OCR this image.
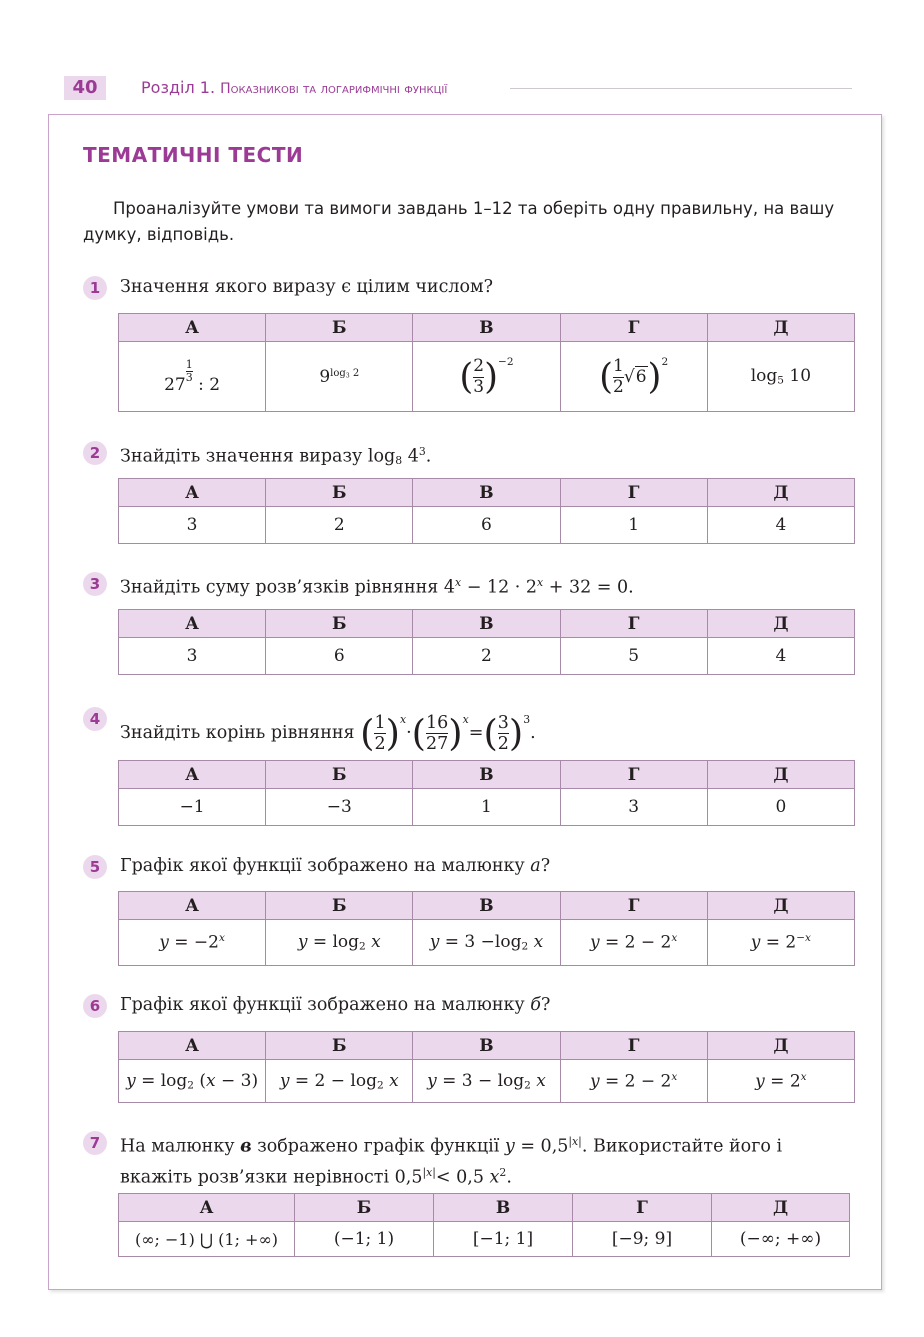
40	Розділ 1. Показникові та логарифмічні функції
ТЕМАТИЧНІ ТЕСТИ

Проаналізуйте умови та вимоги завдань 1–12 та оберіть одну правильну, на вашу думку, відповідь.

1	Значення якого виразу є цілим числом?
А	Б	В	Г	Д
27 $^{\frac{1}{3}}$ : 2	$9^{log_3 2}$	( $\frac{2}{3} )^{-2}$	( $\frac{1}{2} √6)^2$	$\log_5 10$
2	Знайдіть значення виразу $\log_8 4^3$.
А	Б	В	Г	Д
3	2	6	1	4
3	Знайдіть суму розв’язків рівняння $4^x - 12 \cdot 2^x + 32 = 0$.
А	Б	В	Г	Д
3	6	2	5	4
4
Знайдіть корінь рівняння ( $\frac{1}{2} )^x\cdot( \frac{16}{27} )^x=( \frac{3}{2} )^3$.
А	Б	В	Г	Д
−1	−3	1	3	0
5	Графік якої функції зображено на малюнку а?
А	Б	В	Г	Д
$y = -2^x$	$y = \log_2 x$	$y = 3 -\log_2$ x	$y = 2 - 2^x$	$y = 2^{-x}$
6	Графік якої функції зображено на малюнку б?
А	Б	В	Г	Д
$y = \log_2 (x - 3)$	$y = 2 - \log_2 x$	$y = 3 - \log_2 x$	$y = 2 - 2^x$	$y = 2^x$
7	На малюнку в зображено графік функції $y = 0,5^{|x|}$. Використайте його і вкажіть розв’язки нерівності $0,5^{|x|}< 0,5$ $x^2$.
А	Б	В	Г	Д
(∞; −1) ⋃ (1; +∞)	(−1; 1)	[−1; 1]	[−9; 9]	(−∞; +∞)
